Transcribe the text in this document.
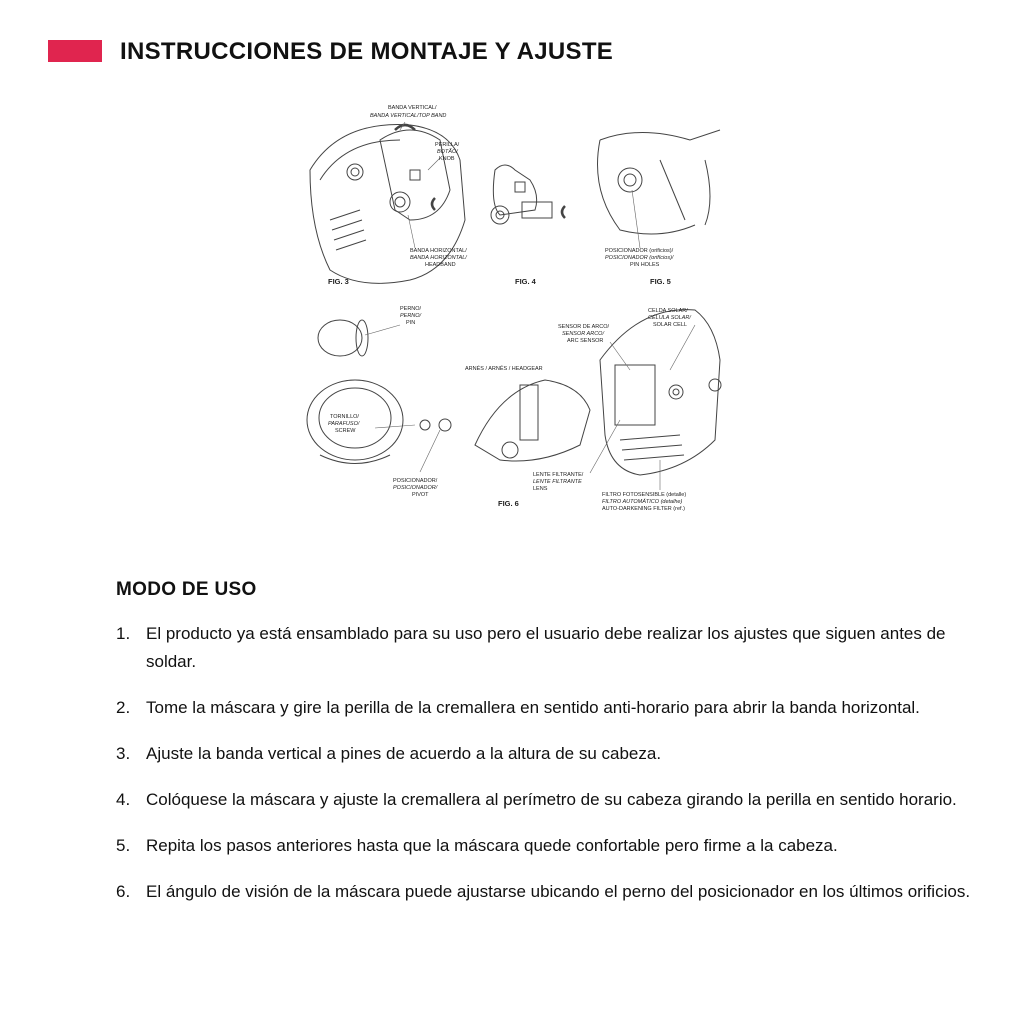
INSTRUCCIONES DE MONTAJE Y AJUSTE
BANDA VERTICAL/
BANDA VERTICAL/TOP BAND
PERILLA/
BOTÃO/
KNOB
BANDA HORIZONTAL/
BANDA HORIZONTAL/
HEADBAND
POSICIONADOR (orificios)/
POSICIONADOR (orifícios)/
PIN HOLES
PERNO/
PERNO/
PIN
TORNILLO/
PARAFUSO/
SCREW
POSICIONADOR/
POSICIONADOR/
PIVOT
ARNÉS / ARNÊS / HEADGEAR
SENSOR DE ARCO/
SENSOR ARCO/
ARC SENSOR
CELDA SOLAR/
CÉLULA SOLAR/
SOLAR CELL
LENTE FILTRANTE/
LENTE FILTRANTE
LENS
FILTRO FOTOSENSIBLE (detalle)
FILTRO AUTOMÁTICO (detalhe)
AUTO-DARKENING FILTER (ref.)
FIG. 3	FIG. 4	FIG. 5
FIG. 6
MODO DE USO
1. El producto ya está ensamblado para su uso pero el usuario debe realizar los ajustes que siguen antes de soldar.
2. Tome la máscara y gire la perilla de la cremallera en sentido anti-horario para abrir la banda horizontal.
3. Ajuste la banda vertical a pines de acuerdo a la altura de su cabeza.
4. Colóquese la máscara y ajuste la cremallera al perímetro de su cabeza girando la perilla en sentido horario.
5. Repita los pasos anteriores hasta que la máscara quede confortable pero firme a la cabeza.
6. El ángulo de visión de la máscara puede ajustarse ubicando el perno del posicionador en los últimos orificios.
